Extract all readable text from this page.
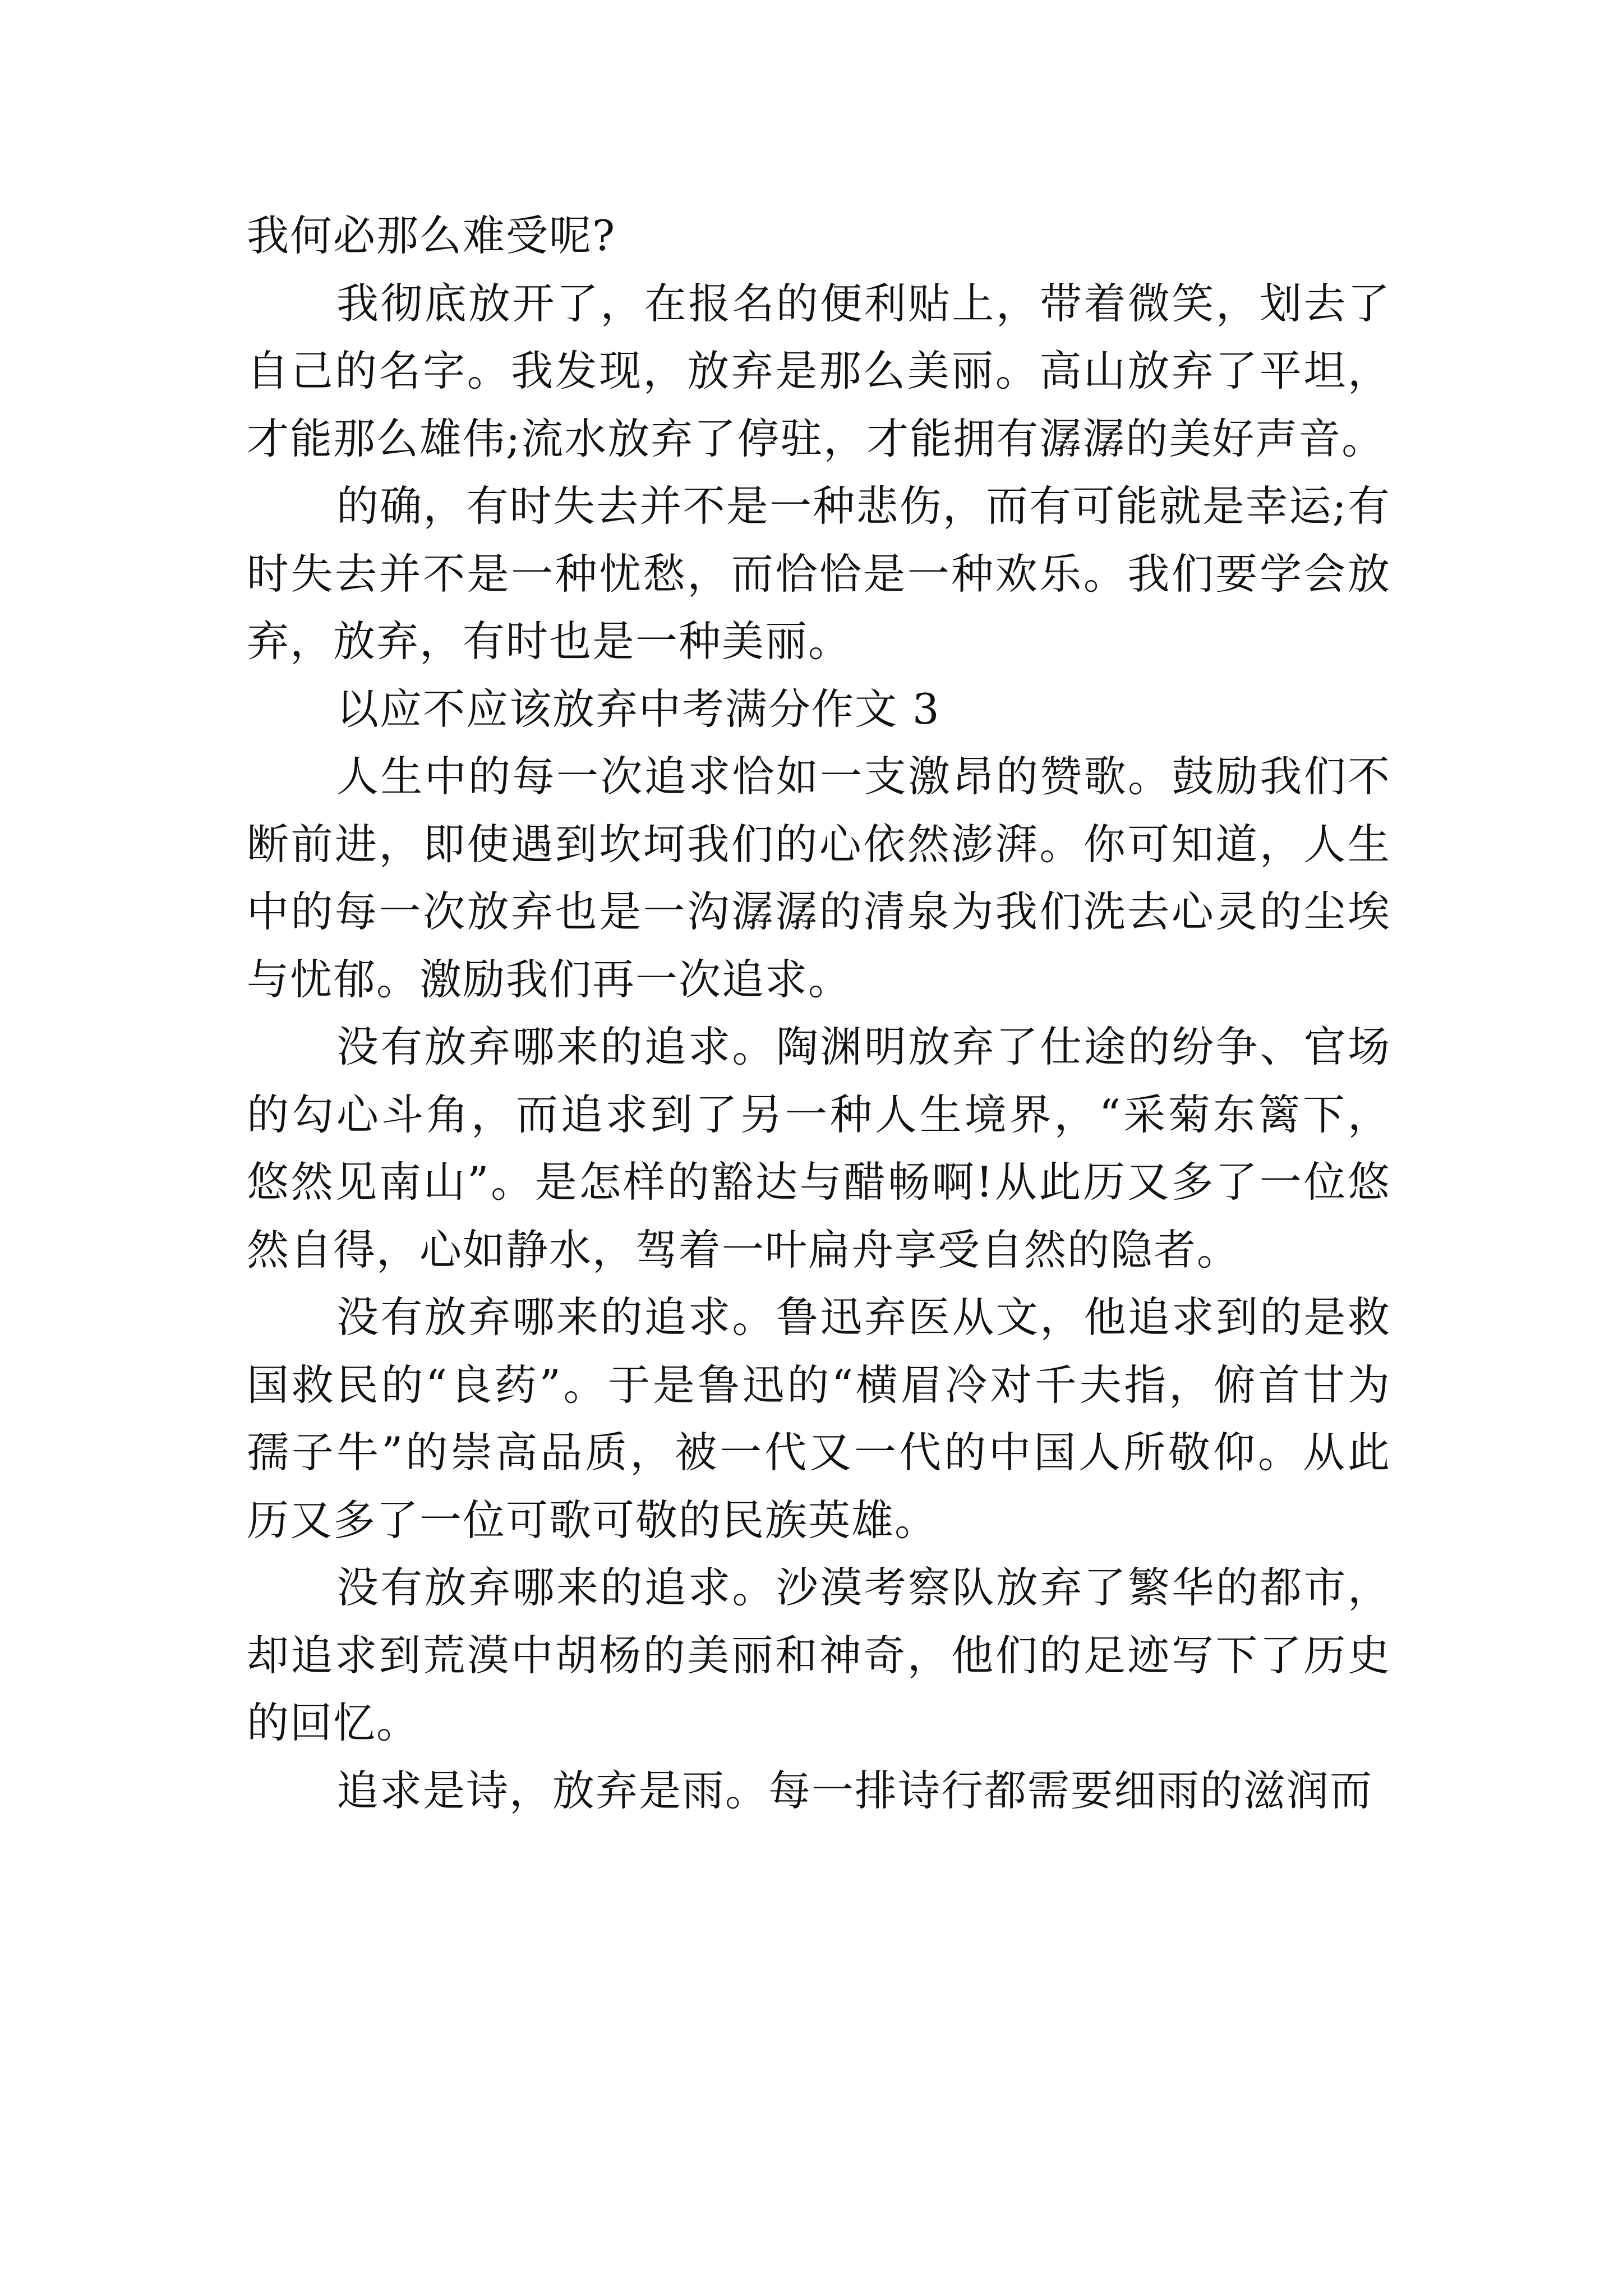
我何必那么难受呢?

我彻底放开了，在报名的便利贴上，带着微笑，划去了自己的名字。我发现，放弃是那么美丽。高山放弃了平坦，才能那么雄伟;流水放弃了停驻，才能拥有潺潺的美好声音。

的确，有时失去并不是一种悲伤，而有可能就是幸运;有时失去并不是一种忧愁，而恰恰是一种欢乐。我们要学会放弃，放弃，有时也是一种美丽。

以应不应该放弃中考满分作文 3

人生中的每一次追求恰如一支激昂的赞歌。鼓励我们不断前进，即使遇到坎坷我们的心依然澎湃。你可知道，人生中的每一次放弃也是一沟潺潺的清泉为我们洗去心灵的尘埃与忧郁。激励我们再一次追求。

没有放弃哪来的追求。陶渊明放弃了仕途的纷争、官场的勾心斗角，而追求到了另一种人生境界，“采菊东篱下，悠然见南山”。是怎样的豁达与醋畅啊!从此历又多了一位悠然自得，心如静水，驾着一叶扁舟享受自然的隐者。

没有放弃哪来的追求。鲁迅弃医从文，他追求到的是救国救民的“良药”。于是鲁迅的“横眉冷对千夫指，俯首甘为孺子牛”的崇高品质，被一代又一代的中国人所敬仰。从此历又多了一位可歌可敬的民族英雄。

没有放弃哪来的追求。沙漠考察队放弃了繁华的都市，却追求到荒漠中胡杨的美丽和神奇，他们的足迹写下了历史的回忆。

追求是诗，放弃是雨。每一排诗行都需要细雨的滋润而
